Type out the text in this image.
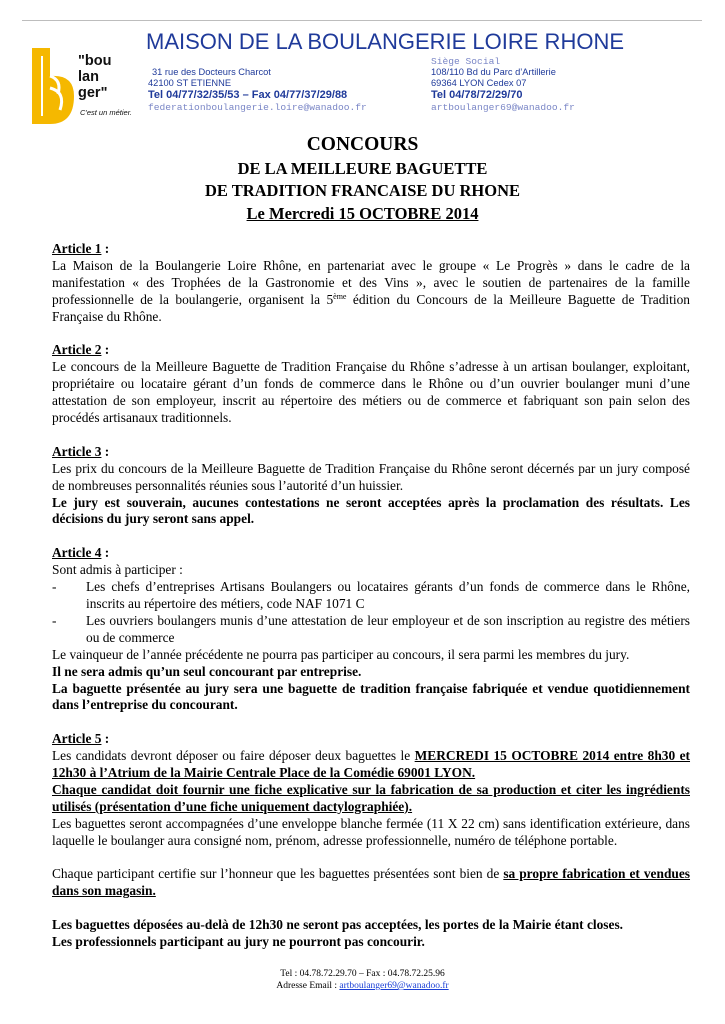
"bou
lan
ger"
C'est un métier.
MAISON DE LA BOULANGERIE LOIRE RHONE
31 rue des Docteurs Charcot
42100 ST ETIENNE
Tel 04/77/32/35/53 – Fax 04/77/37/29/88
federationboulangerie.loire@wanadoo.fr
Siège Social
108/110 Bd du Parc d’Artillerie
69364 LYON Cedex 07
Tel 04/78/72/29/70
artboulanger69@wanadoo.fr
CONCOURS
DE LA MEILLEURE BAGUETTE
DE TRADITION FRANCAISE DU RHONE
Le Mercredi 15 OCTOBRE 2014

Article 1 :

La Maison de la Boulangerie Loire Rhône, en partenariat avec le groupe « Le Progrès » dans le cadre de la manifestation « des Trophées de la Gastronomie et des Vins », avec le soutien de partenaires de la famille professionnelle de la boulangerie, organisent la 5ème édition du Concours de la Meilleure Baguette de Tradition Française du Rhône.

Article 2 :

Le concours de la Meilleure Baguette de Tradition Française du Rhône s’adresse à un artisan boulanger, exploitant, propriétaire ou locataire gérant d’un fonds de commerce dans le Rhône ou d’un ouvrier boulanger muni d’une attestation de son employeur, inscrit au répertoire des métiers ou de commerce et fabriquant son pain selon des procédés artisanaux traditionnels.

Article 3 :

Les prix du concours de la Meilleure Baguette de Tradition Française du Rhône seront décernés par un jury composé de nombreuses personnalités réunies sous l’autorité d’un huissier.

Le jury est souverain, aucunes contestations ne seront acceptées après la proclamation des résultats. Les décisions du jury seront sans appel.

Article 4 :

Sont admis à participer :

-	Les chefs d’entreprises Artisans Boulangers ou locataires gérants d’un fonds de commerce dans le Rhône, inscrits au répertoire des métiers, code NAF 1071 C
-	Les ouvriers boulangers munis d’une attestation de leur employeur et de son inscription au registre des métiers ou de commerce

Le vainqueur de l’année précédente ne pourra pas participer au concours, il sera parmi les membres du jury.

Il ne sera admis qu’un seul concourant par entreprise.

La baguette présentée au jury sera une baguette de tradition française fabriquée et vendue quotidiennement dans l’entreprise du concourant.

Article 5 :

Les candidats devront déposer ou faire déposer deux baguettes le MERCREDI 15 OCTOBRE 2014 entre 8h30 et 12h30 à l’Atrium de la Mairie Centrale Place de la Comédie 69001 LYON.

Chaque candidat doit fournir une fiche explicative sur la fabrication de sa production et citer les ingrédients utilisés (présentation d’une fiche uniquement dactylographiée).

Les baguettes seront accompagnées d’une enveloppe blanche fermée (11 X 22 cm) sans identification extérieure, dans laquelle le boulanger aura consigné nom, prénom, adresse professionnelle, numéro de téléphone portable.

Chaque participant certifie sur l’honneur que les baguettes présentées sont bien de sa propre fabrication et vendues dans son magasin.

Les baguettes déposées au-delà de 12h30 ne seront pas acceptées, les portes de la Mairie étant closes.

Les professionnels participant au jury ne pourront pas concourir.

Tel : 04.78.72.29.70 – Fax : 04.78.72.25.96
Adresse Email : artboulanger69@wanadoo.fr
